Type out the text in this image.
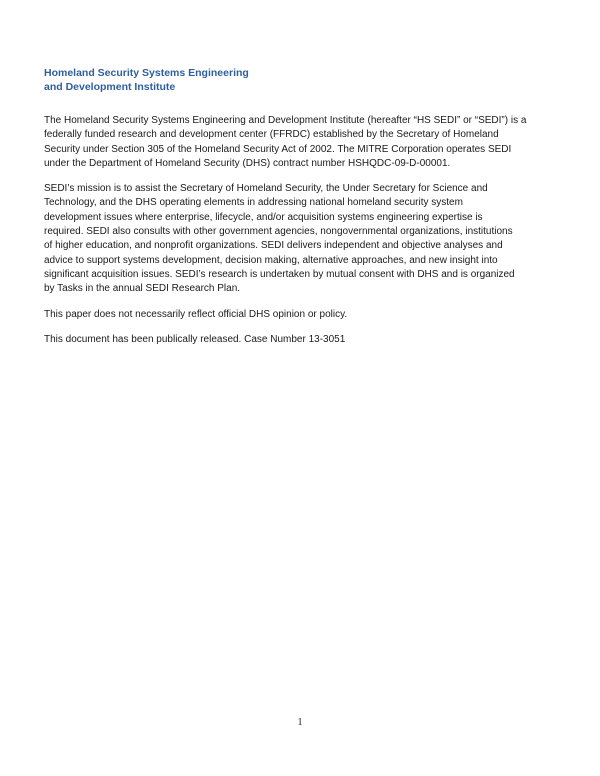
Homeland Security Systems Engineering
and Development Institute

The Homeland Security Systems Engineering and Development Institute (hereafter “HS SEDI” or “SEDI”) is a
federally funded research and development center (FFRDC) established by the Secretary of Homeland
Security under Section 305 of the Homeland Security Act of 2002. The MITRE Corporation operates SEDI
under the Department of Homeland Security (DHS) contract number HSHQDC-09-D-00001.

SEDI’s mission is to assist the Secretary of Homeland Security, the Under Secretary for Science and
Technology, and the DHS operating elements in addressing national homeland security system
development issues where enterprise, lifecycle, and/or acquisition systems engineering expertise is
required. SEDI also consults with other government agencies, nongovernmental organizations, institutions
of higher education, and nonprofit organizations. SEDI delivers independent and objective analyses and
advice to support systems development, decision making, alternative approaches, and new insight into
significant acquisition issues. SEDI’s research is undertaken by mutual consent with DHS and is organized
by Tasks in the annual SEDI Research Plan.

This paper does not necessarily reflect official DHS opinion or policy.

This document has been publically released. Case Number 13-3051

1
